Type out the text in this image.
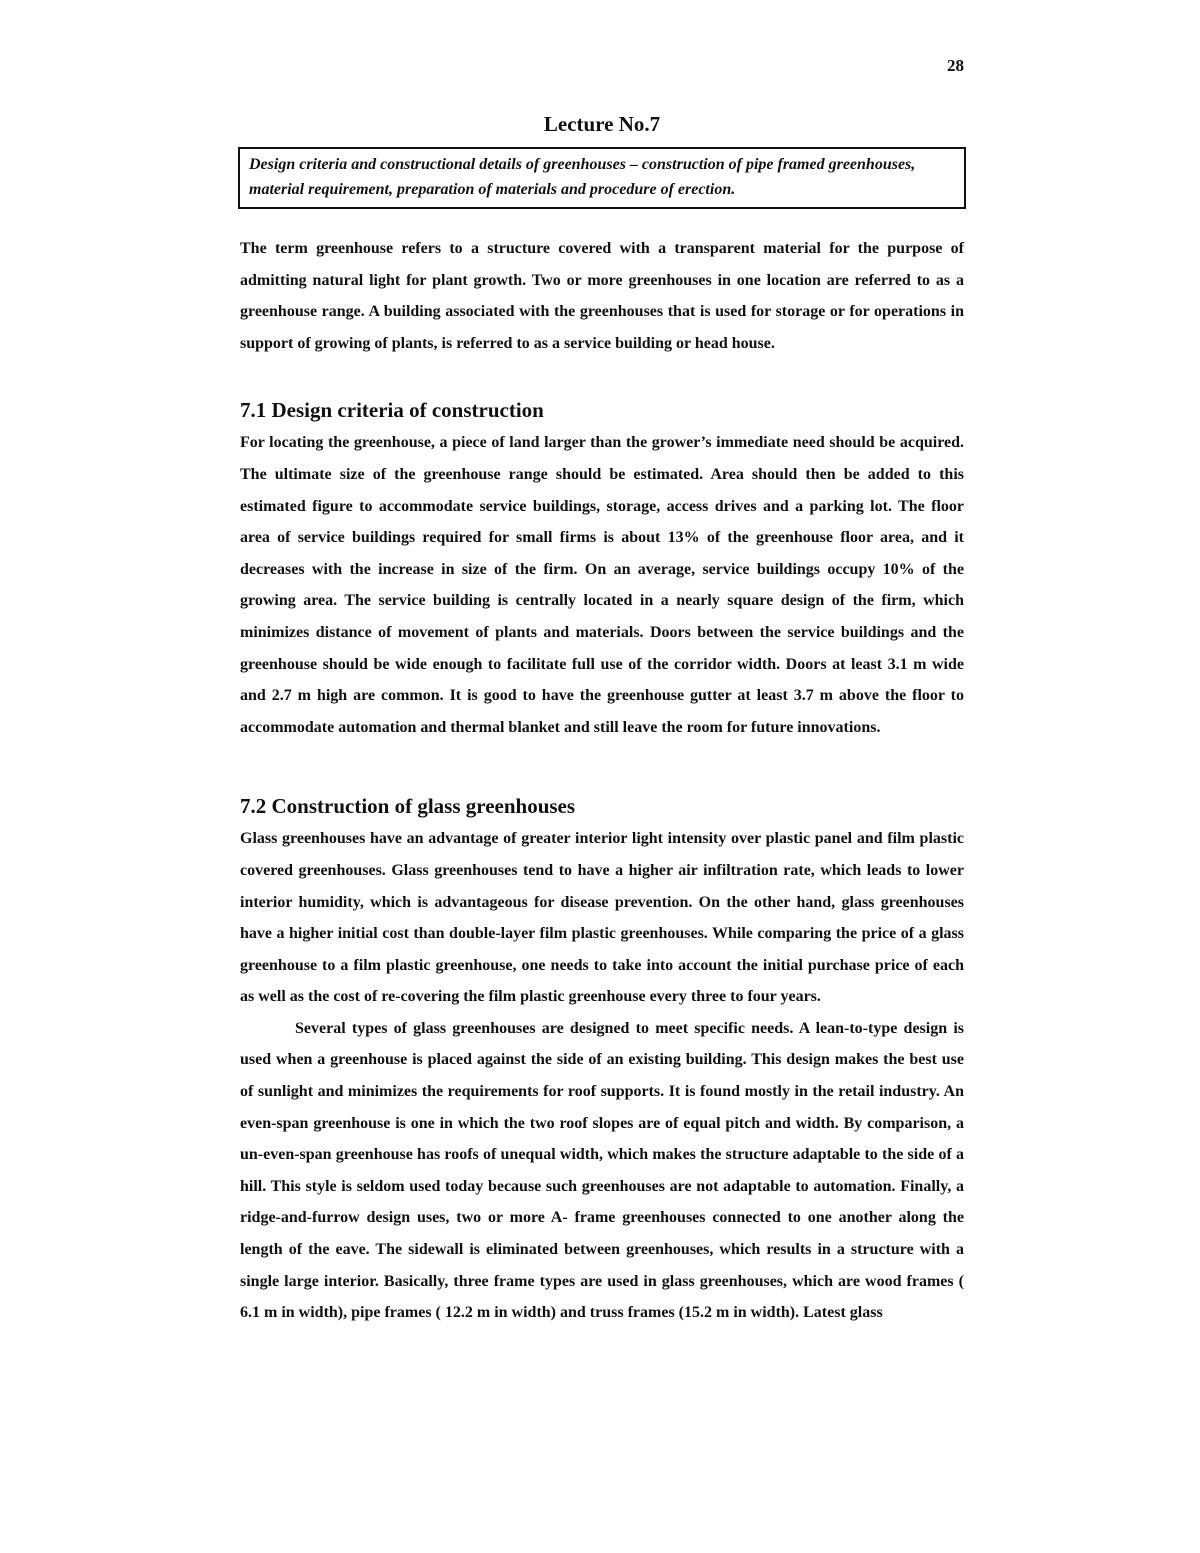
28
Lecture No.7
Design criteria and constructional details of greenhouses – construction of pipe framed greenhouses, material requirement, preparation of materials and procedure of erection.

The term greenhouse refers to a structure covered with a transparent material for the purpose of admitting natural light for plant growth. Two or more greenhouses in one location are referred to as a greenhouse range. A building associated with the greenhouses that is used for storage or for operations in support of growing of plants, is referred to as a service building or head house.

7.1 Design criteria of construction

For locating the greenhouse, a piece of land larger than the grower’s immediate need should be acquired. The ultimate size of the greenhouse range should be estimated. Area should then be added to this estimated figure to accommodate service buildings, storage, access drives and a parking lot. The floor area of service buildings required for small firms is about 13% of the greenhouse floor area, and it decreases with the increase in size of the firm. On an average, service buildings occupy 10% of the growing area. The service building is centrally located in a nearly square design of the firm, which minimizes distance of movement of plants and materials. Doors between the service buildings and the greenhouse should be wide enough to facilitate full use of the corridor width. Doors at least 3.1 m wide and 2.7 m high are common. It is good to have the greenhouse gutter at least 3.7 m above the floor to accommodate automation and thermal blanket and still leave the room for future innovations.

7.2 Construction of glass greenhouses

Glass greenhouses have an advantage of greater interior light intensity over plastic panel and film plastic covered greenhouses. Glass greenhouses tend to have a higher air infiltration rate, which leads to lower interior humidity, which is advantageous for disease prevention. On the other hand, glass greenhouses have a higher initial cost than double-layer film plastic greenhouses. While comparing the price of a glass greenhouse to a film plastic greenhouse, one needs to take into account the initial purchase price of each as well as the cost of re-covering the film plastic greenhouse every three to four years.

Several types of glass greenhouses are designed to meet specific needs. A lean-to-type design is used when a greenhouse is placed against the side of an existing building. This design makes the best use of sunlight and minimizes the requirements for roof supports. It is found mostly in the retail industry. An even-span greenhouse is one in which the two roof slopes are of equal pitch and width. By comparison, a un-even-span greenhouse has roofs of unequal width, which makes the structure adaptable to the side of a hill. This style is seldom used today because such greenhouses are not adaptable to automation. Finally, a ridge-and-furrow design uses, two or more A- frame greenhouses connected to one another along the length of the eave. The sidewall is eliminated between greenhouses, which results in a structure with a single large interior. Basically, three frame types are used in glass greenhouses, which are wood frames ( 6.1 m in width), pipe frames ( 12.2 m in width) and truss frames (15.2 m in width). Latest glass
